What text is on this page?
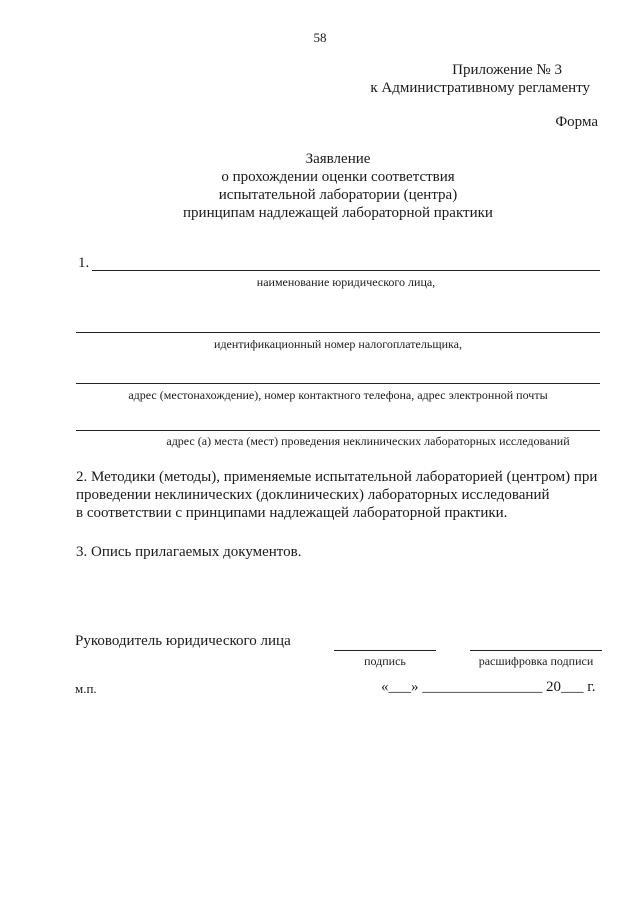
58
Приложение № 3
к Административному регламенту
Форма
Заявление
о прохождении оценки соответствия
испытательной лаборатории (центра)
принципам надлежащей лабораторной практики
1.
наименование юридического лица,
идентификационный номер налогоплательщика,
адрес (местонахождение), номер контактного телефона, адрес электронной почты
адрес (а) места (мест) проведения неклинических лабораторных исследований
2. Методики (методы), применяемые испытательной лабораторией (центром) при
проведении неклинических (доклинических) лабораторных исследований
в соответствии с принципами надлежащей лабораторной практики.
3. Опись прилагаемых документов.
Руководитель юридического лица
подпись	расшифровка подписи
м.п.	«___» ________________ 20___ г.
